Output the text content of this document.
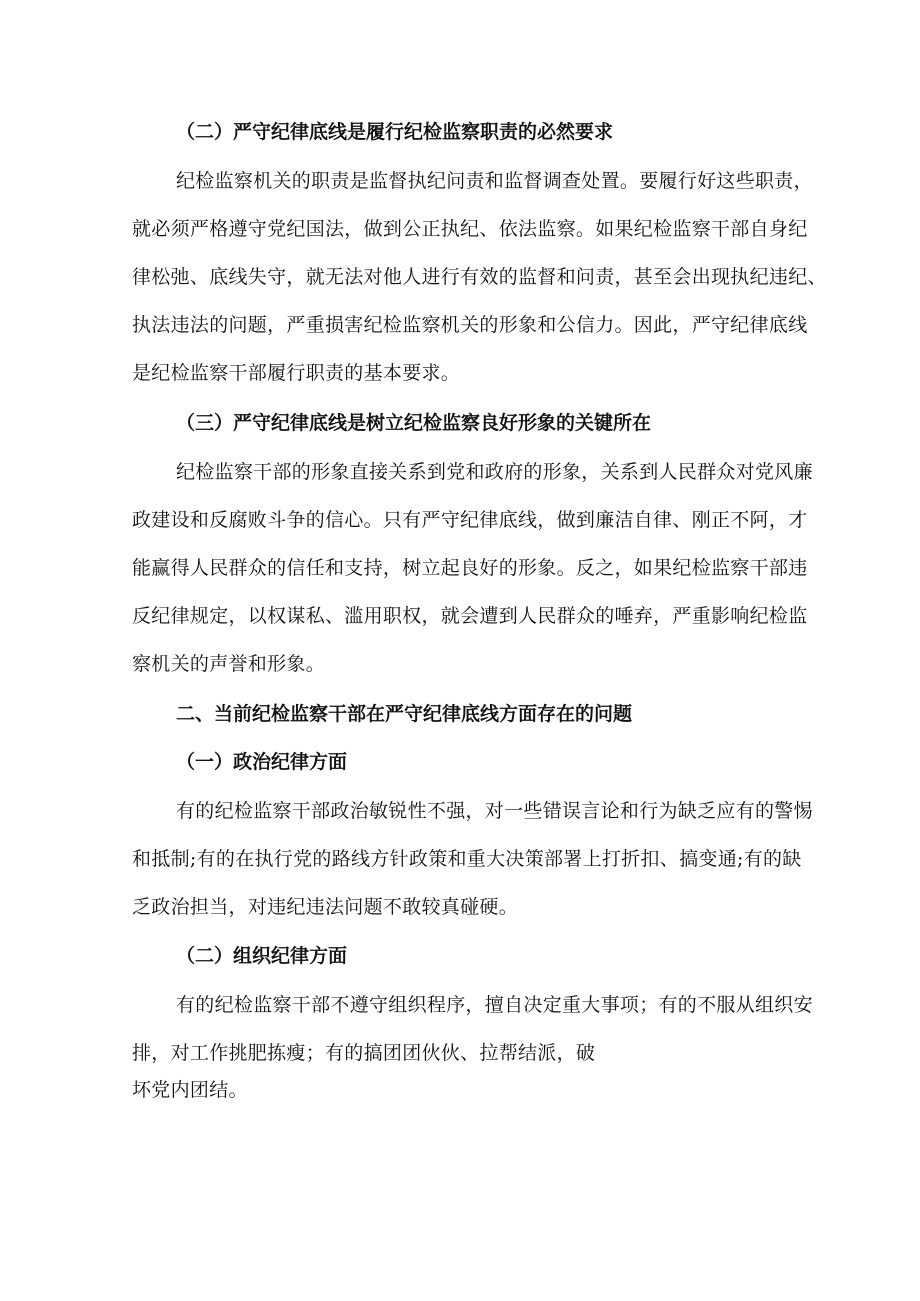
（二）严守纪律底线是履行纪检监察职责的必然要求
纪检监察机关的职责是监督执纪问责和监督调查处置。要履行好这些职责，
就必须严格遵守党纪国法，做到公正执纪、依法监察。如果纪检监察干部自身纪
律松弛、底线失守，就无法对他人进行有效的监督和问责，甚至会出现执纪违纪、
执法违法的问题，严重损害纪检监察机关的形象和公信力。因此，严守纪律底线
是纪检监察干部履行职责的基本要求。
（三）严守纪律底线是树立纪检监察良好形象的关键所在
纪检监察干部的形象直接关系到党和政府的形象，关系到人民群众对党风廉
政建设和反腐败斗争的信心。只有严守纪律底线，做到廉洁自律、刚正不阿，才
能赢得人民群众的信任和支持，树立起良好的形象。反之，如果纪检监察干部违
反纪律规定，以权谋私、滥用职权，就会遭到人民群众的唾弃，严重影响纪检监
察机关的声誉和形象。
二、当前纪检监察干部在严守纪律底线方面存在的问题
（一）政治纪律方面
有的纪检监察干部政治敏锐性不强，对一些错误言论和行为缺乏应有的警惕
和抵制;有的在执行党的路线方针政策和重大决策部署上打折扣、搞变通;有的缺
乏政治担当，对违纪违法问题不敢较真碰硬。
（二）组织纪律方面
有的纪检监察干部不遵守组织程序，擅自决定重大事项；有的不服从组织安
排，对工作挑肥拣瘦；有的搞团团伙伙、拉帮结派，破
坏党内团结。
